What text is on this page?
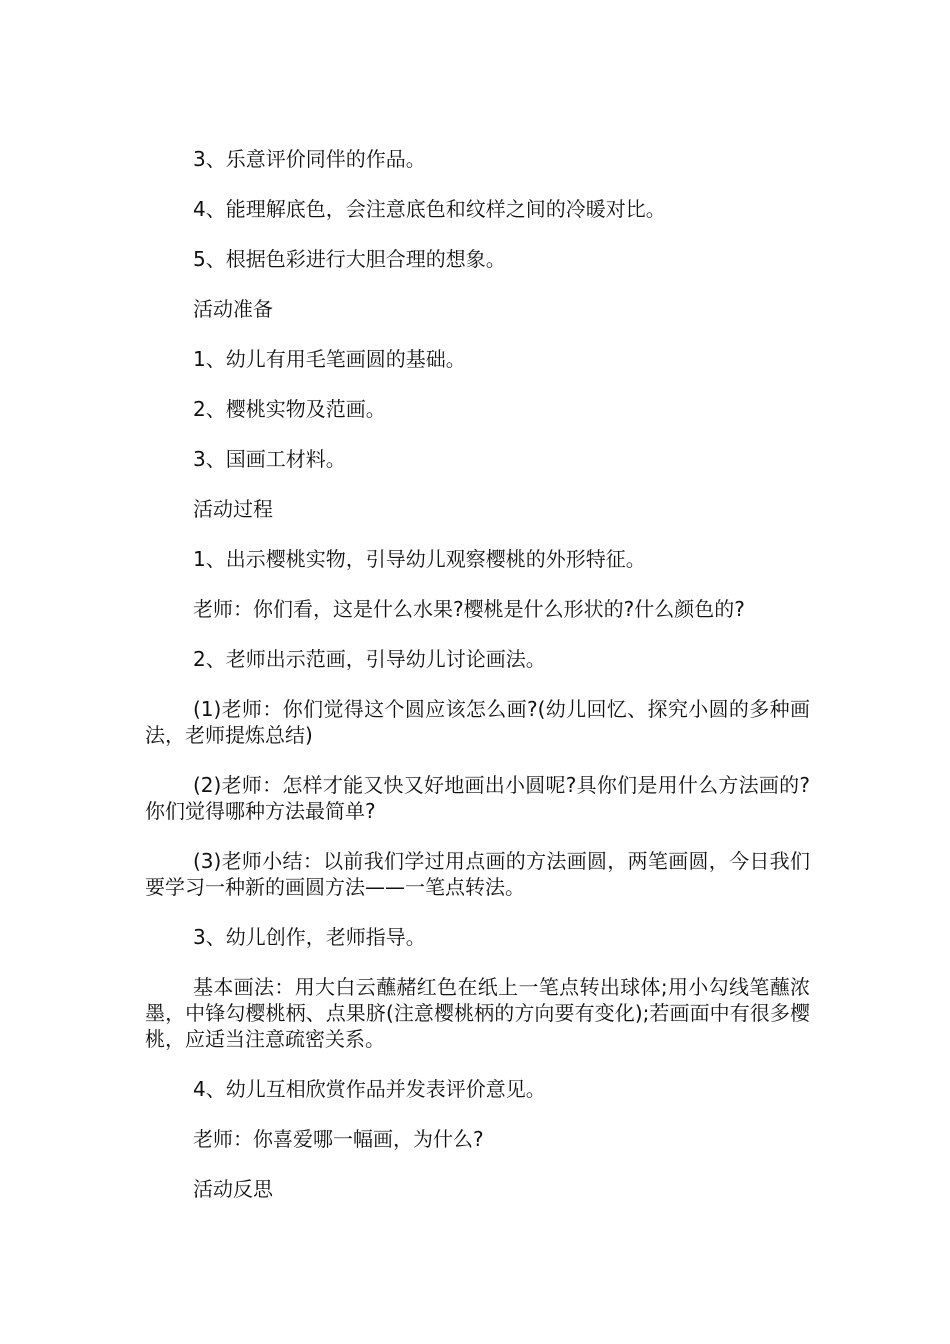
3、乐意评价同伴的作品。

4、能理解底色，会注意底色和纹样之间的冷暖对比。

5、根据色彩进行大胆合理的想象。

活动准备

1、幼儿有用毛笔画圆的基础。

2、樱桃实物及范画。

3、国画工材料。

活动过程

1、出示樱桃实物，引导幼儿观察樱桃的外形特征。

老师：你们看，这是什么水果?樱桃是什么形状的?什么颜色的?

2、老师出示范画，引导幼儿讨论画法。

(1)老师：你们觉得这个圆应该怎么画?(幼儿回忆、探究小圆的多种画法，老师提炼总结)

(2)老师：怎样才能又快又好地画出小圆呢?具你们是用什么方法画的?你们觉得哪种方法最简单?

(3)老师小结：以前我们学过用点画的方法画圆，两笔画圆，今日我们要学习一种新的画圆方法——一笔点转法。

3、幼儿创作，老师指导。

基本画法：用大白云蘸赭红色在纸上一笔点转出球体;用小勾线笔蘸浓墨，中锋勾樱桃柄、点果脐(注意樱桃柄的方向要有变化);若画面中有很多樱桃，应适当注意疏密关系。

4、幼儿互相欣赏作品并发表评价意见。

老师：你喜爱哪一幅画，为什么?

活动反思
